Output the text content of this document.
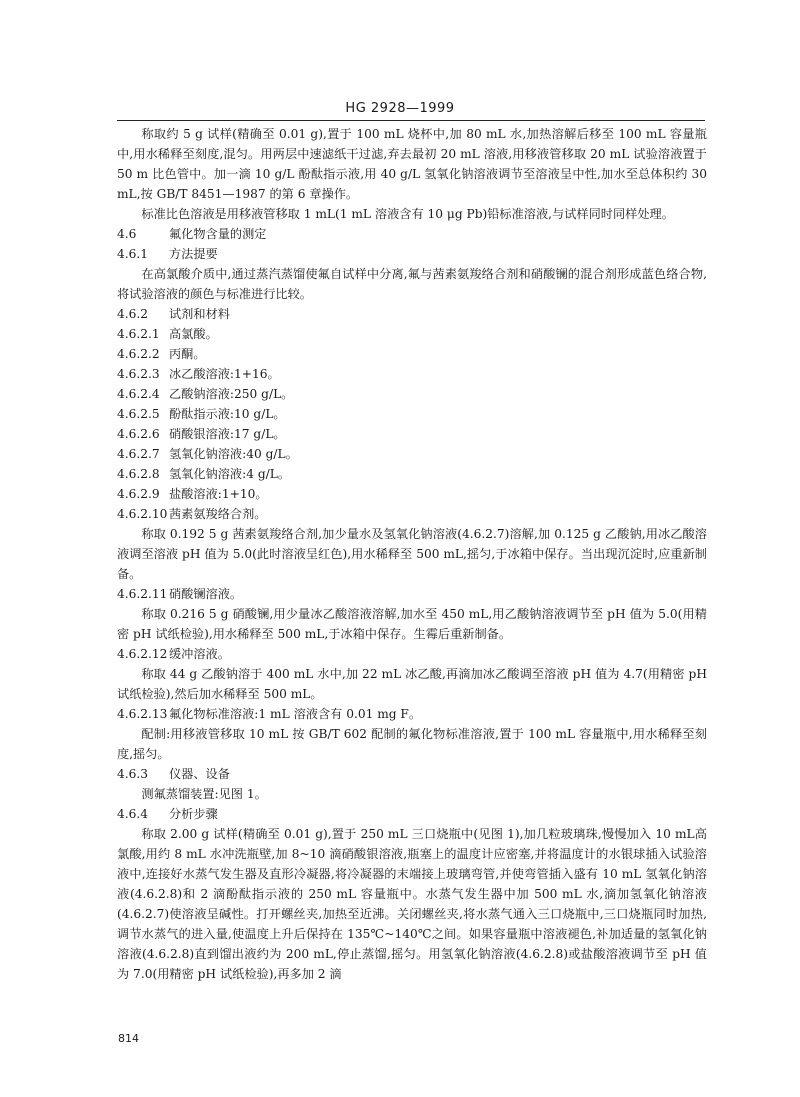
HG 2928—1999

称取约 5 g 试样(精确至 0.01 g),置于 100 mL 烧杯中,加 80 mL 水,加热溶解后移至 100 mL 容量瓶中,用水稀释至刻度,混匀。用两层中速滤纸干过滤,弃去最初 20 mL 溶液,用移液管移取 20 mL 试验溶液置于 50 m 比色管中。加一滴 10 g/L 酚酞指示液,用 40 g/L 氢氧化钠溶液调节至溶液呈中性,加水至总体积约 30 mL,按 GB/T 8451—1987 的第 6 章操作。

标准比色溶液是用移液管移取 1 mL(1 mL 溶液含有 10 μg Pb)铅标准溶液,与试样同时同样处理。

4.6	氟化物含量的测定

4.6.1 方法提要

在高氯酸介质中,通过蒸汽蒸馏使氟自试样中分离,氟与茜素氨羧络合剂和硝酸镧的混合剂形成蓝色络合物,将试验溶液的颜色与标准进行比较。

4.6.2 试剂和材料

4.6.2.1 高氯酸。

4.6.2.2 丙酮。

4.6.2.3 冰乙酸溶液:1+16。

4.6.2.4 乙酸钠溶液:250 g/L。

4.6.2.5 酚酞指示液:10 g/L。

4.6.2.6 硝酸银溶液:17 g/L。

4.6.2.7 氢氧化钠溶液:40 g/L。

4.6.2.8 氢氧化钠溶液:4 g/L。

4.6.2.9 盐酸溶液:1+10。

4.6.2.10 茜素氨羧络合剂。

称取 0.192 5 g 茜素氨羧络合剂,加少量水及氢氧化钠溶液(4.6.2.7)溶解,加 0.125 g 乙酸钠,用冰乙酸溶液调至溶液 pH 值为 5.0(此时溶液呈红色),用水稀释至 500 mL,摇匀,于冰箱中保存。当出现沉淀时,应重新制备。

4.6.2.11 硝酸镧溶液。

称取 0.216 5 g 硝酸镧,用少量冰乙酸溶液溶解,加水至 450 mL,用乙酸钠溶液调节至 pH 值为 5.0(用精密 pH 试纸检验),用水稀释至 500 mL,于冰箱中保存。生霉后重新制备。

4.6.2.12 缓冲溶液。

称取 44 g 乙酸钠溶于 400 mL 水中,加 22 mL 冰乙酸,再滴加冰乙酸调至溶液 pH 值为 4.7(用精密 pH 试纸检验),然后加水稀释至 500 mL。

4.6.2.13 氟化物标准溶液:1 mL 溶液含有 0.01 mg F。

配制:用移液管移取 10 mL 按 GB/T 602 配制的氟化物标准溶液,置于 100 mL 容量瓶中,用水稀释至刻度,摇匀。

4.6.3 仪器、设备

测氟蒸馏装置:见图 1。

4.6.4 分析步骤

称取 2.00 g 试样(精确至 0.01 g),置于 250 mL 三口烧瓶中(见图 1),加几粒玻璃珠,慢慢加入 10 mL高氯酸,用约 8 mL 水冲洗瓶壁,加 8~10 滴硝酸银溶液,瓶塞上的温度计应密塞,并将温度计的水银球插入试验溶液中,连接好水蒸气发生器及直形冷凝器,将冷凝器的末端接上玻璃弯管,并使弯管插入盛有 10 mL 氢氧化钠溶液(4.6.2.8)和 2 滴酚酞指示液的 250 mL 容量瓶中。水蒸气发生器中加 500 mL 水,滴加氢氧化钠溶液(4.6.2.7)使溶液呈碱性。打开螺丝夹,加热至近沸。关闭螺丝夹,将水蒸气通入三口烧瓶中,三口烧瓶同时加热,调节水蒸气的进入量,使温度上升后保持在 135℃~140℃之间。如果容量瓶中溶液褪色,补加适量的氢氧化钠溶液(4.6.2.8)直到馏出液约为 200 mL,停止蒸馏,摇匀。用氢氧化钠溶液(4.6.2.8)或盐酸溶液调节至 pH 值为 7.0(用精密 pH 试纸检验),再多加 2 滴

814
